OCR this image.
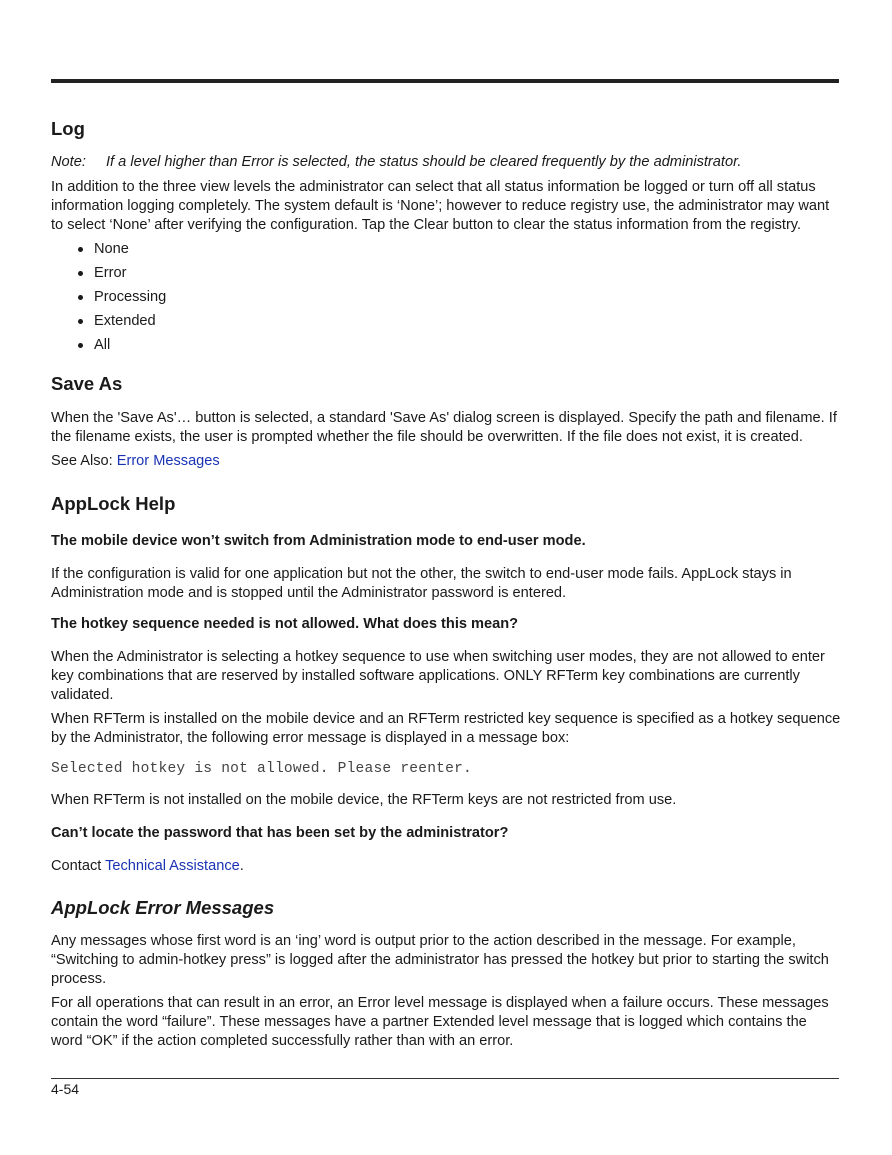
Log

Note: If a level higher than Error is selected, the status should be cleared frequently by the administrator.

In addition to the three view levels the administrator can select that all status information be logged or turn off all status information logging completely. The system default is ‘None’; however to reduce registry use, the administrator may want to select ‘None’ after verifying the configuration. Tap the Clear button to clear the status information from the registry.

None
Error
Processing
Extended
All
Save As

When the 'Save As'… button is selected, a standard 'Save As' dialog screen is displayed. Specify the path and filename. If the filename exists, the user is prompted whether the file should be overwritten. If the file does not exist, it is created.

See Also: Error Messages

AppLock Help

The mobile device won’t switch from Administration mode to end-user mode.

If the configuration is valid for one application but not the other, the switch to end-user mode fails. AppLock stays in Administration mode and is stopped until the Administrator password is entered.

The hotkey sequence needed is not allowed. What does this mean?

When the Administrator is selecting a hotkey sequence to use when switching user modes, they are not allowed to enter key combinations that are reserved by installed software applications. ONLY RFTerm key combinations are currently validated.

When RFTerm is installed on the mobile device and an RFTerm restricted key sequence is specified as a hotkey sequence by the Administrator, the following error message is displayed in a message box:

Selected hotkey is not allowed. Please reenter.

When RFTerm is not installed on the mobile device, the RFTerm keys are not restricted from use.

Can’t locate the password that has been set by the administrator?

Contact Technical Assistance.

AppLock Error Messages

Any messages whose first word is an ‘ing’ word is output prior to the action described in the message. For example, “Switching to admin-hotkey press” is logged after the administrator has pressed the hotkey but prior to starting the switch process.

For all operations that can result in an error, an Error level message is displayed when a failure occurs. These messages contain the word “failure”. These messages have a partner Extended level message that is logged which contains the word “OK” if the action completed successfully rather than with an error.

4-54
